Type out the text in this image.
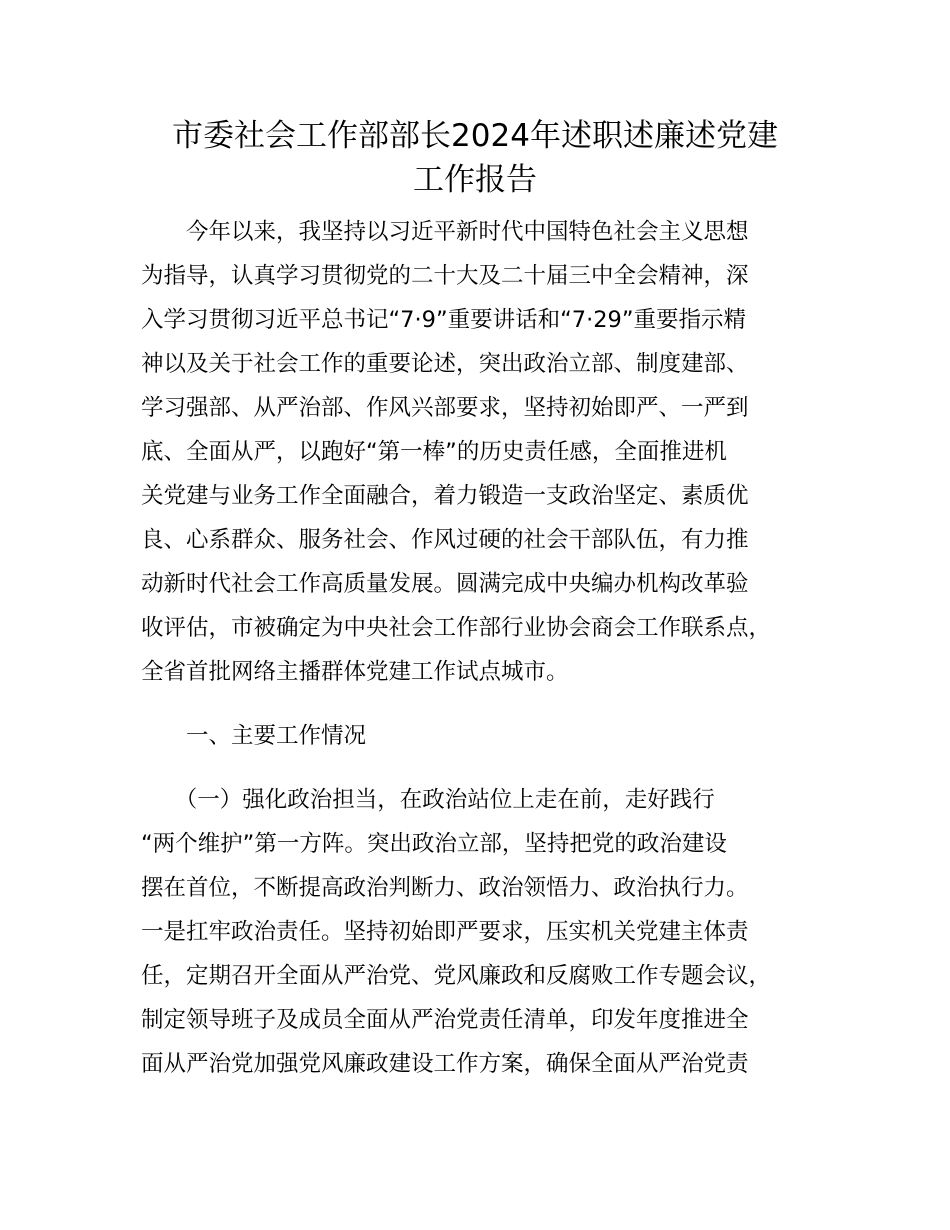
市委社会工作部部长2024年述职述廉述党建
工作报告
　　今年以来，我坚持以习近平新时代中国特色社会主义思想
为指导，认真学习贯彻党的二十大及二十届三中全会精神，深
入学习贯彻习近平总书记“7·9”重要讲话和“7·29”重要指示精
神以及关于社会工作的重要论述，突出政治立部、制度建部、
学习强部、从严治部、作风兴部要求，坚持初始即严、一严到
底、全面从严，以跑好“第一棒”的历史责任感，全面推进机
关党建与业务工作全面融合，着力锻造一支政治坚定、素质优
良、心系群众、服务社会、作风过硬的社会干部队伍，有力推
动新时代社会工作高质量发展。圆满完成中央编办机构改革验
收评估，市被确定为中央社会工作部行业协会商会工作联系点，
全省首批网络主播群体党建工作试点城市。
　　一、主要工作情况
　　（一）强化政治担当，在政治站位上走在前，走好践行
“两个维护”第一方阵。突出政治立部，坚持把党的政治建设
摆在首位，不断提高政治判断力、政治领悟力、政治执行力。
一是扛牢政治责任。坚持初始即严要求，压实机关党建主体责
任，定期召开全面从严治党、党风廉政和反腐败工作专题会议，
制定领导班子及成员全面从严治党责任清单，印发年度推进全
面从严治党加强党风廉政建设工作方案，确保全面从严治党责
